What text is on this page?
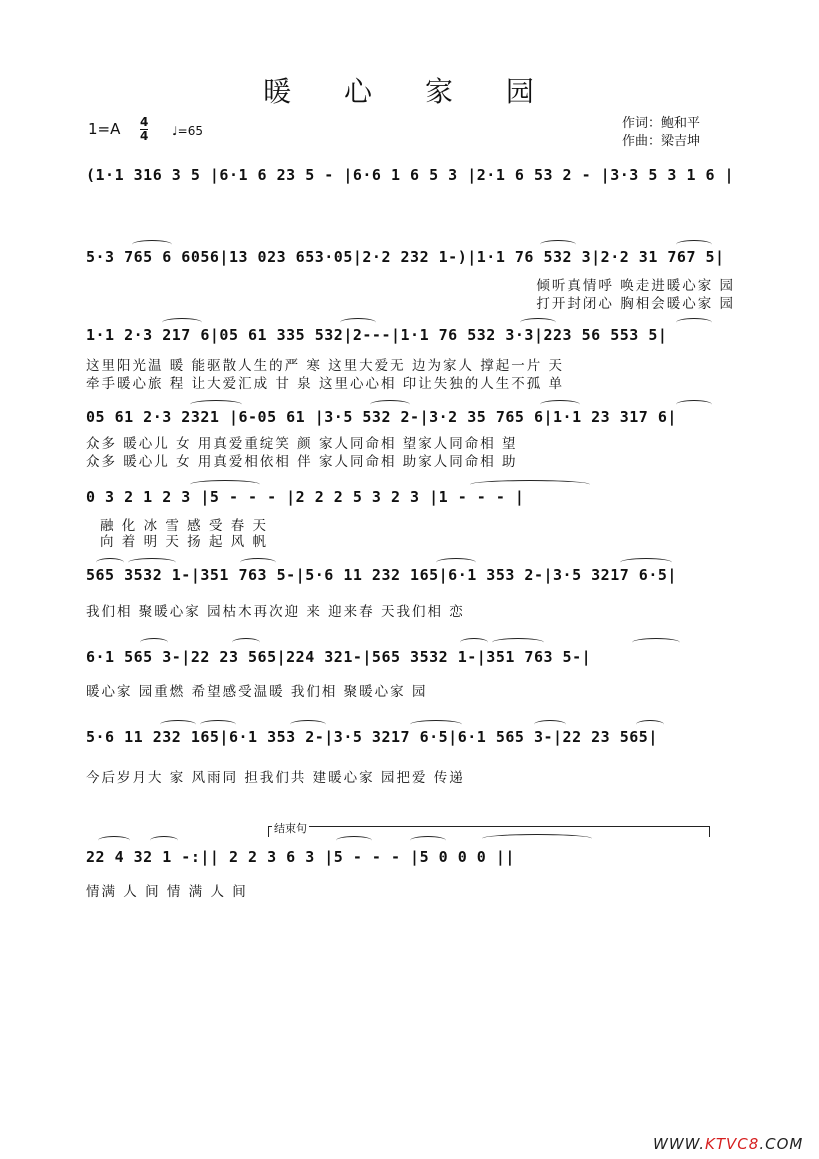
暖 心 家 园
1=A 4
4 ♩=65	作词：鲍和平
作曲：梁吉坤
(1·1 316 3 5 |6·1 6 23 5 - |6·6 1 6 5 3 |2·1 6 53 2 - |3·3 5 3 1 6 |
5·3 765 6 6056|13 023 653·05|2·2 232 1-)|1·1 76 532 3|2·2 31 767 5|
倾听真情呼 唤走进暖心家 园
打开封闭心 胸相会暖心家 园
1·1 2·3 217 6|05 61 335 532|2---|1·1 76 532 3·3|223 56 553 5|
这里阳光温 暖 能驱散人生的严 寒 这里大爱无 边为家人 撑起一片 天
牵手暖心旅 程 让大爱汇成 甘 泉 这里心心相 印让失独的人生不孤 单
05 61 2·3 2321 |6-05 61 |3·5 532 2-|3·2 35 765 6|1·1 23 317 6|
众多 暖心儿 女 用真爱重绽笑 颜 家人同命相 望家人同命相 望
众多 暖心儿 女 用真爱相依相 伴 家人同命相 助家人同命相 助
0 3 2 1 2 3 |5 - - - |2 2 2 5 3 2 3 |1 - - - |
融 化 冰 雪 感 受 春 天
向 着 明 天 扬 起 风 帆
565 3532 1-|351 763 5-|5·6 11 232 165|6·1 353 2-|3·5 3217 6·5|
我们相 聚暖心家 园枯木再次迎 来 迎来春 天我们相 恋
6·1 565 3-|22 23 565|224 321-|565 3532 1-|351 763 5-|
暖心家 园重燃 希望感受温暖 我们相 聚暖心家 园
5·6 11 232 165|6·1 353 2-|3·5 3217 6·5|6·1 565 3-|22 23 565|
今后岁月大 家 风雨同 担我们共 建暖心家 园把爱 传递
结束句
22 4 32 1 -:|| 2 2 3 6 3 |5 - - - |5 0 0 0 ||
情满 人 间 情 满 人 间
WWW.KTVC8.COM
